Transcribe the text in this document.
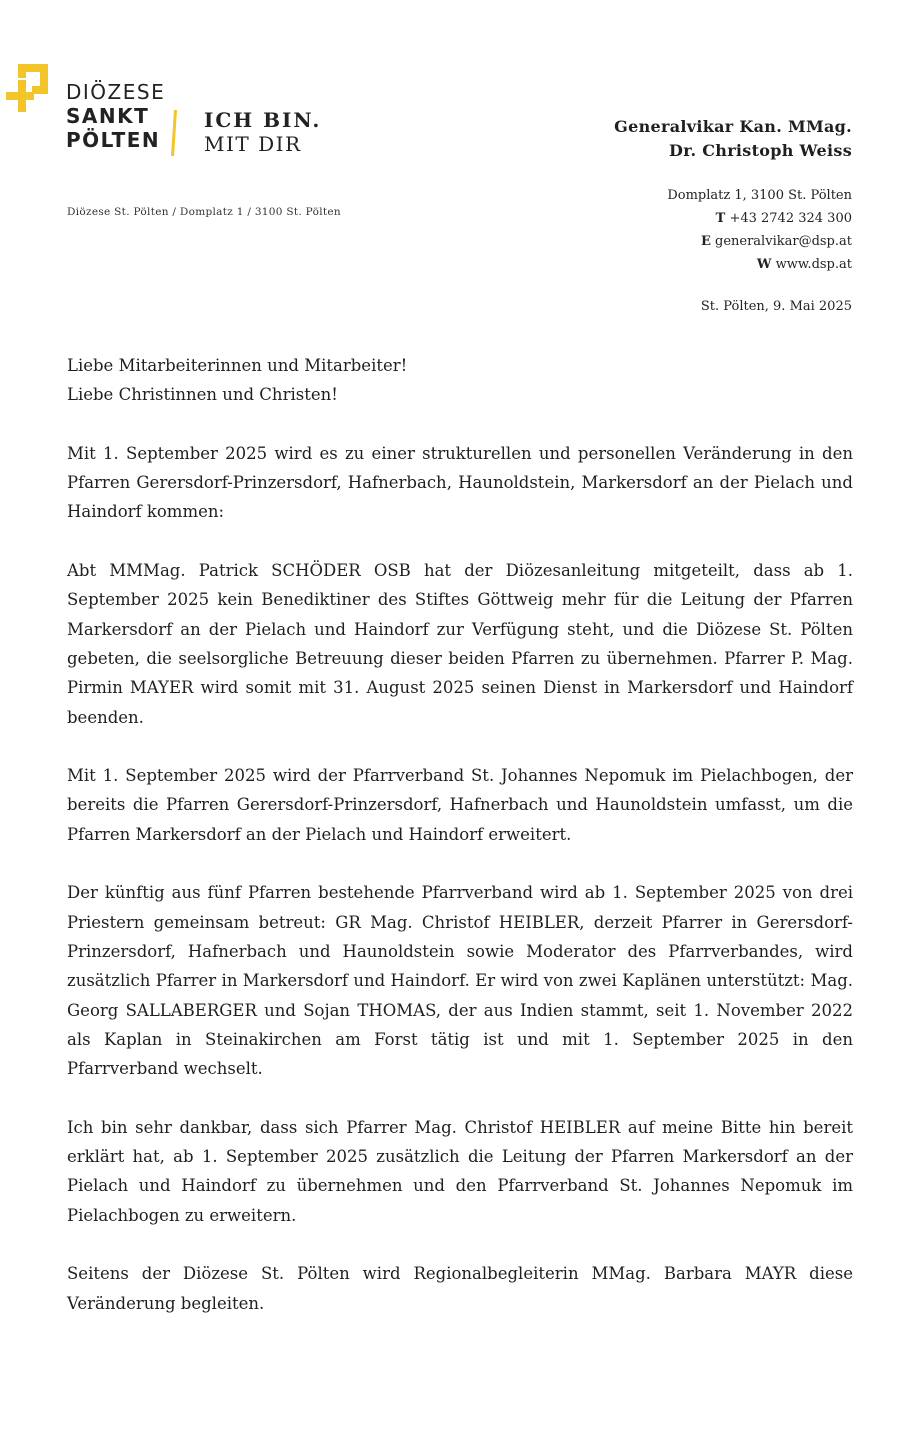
DIÖZESE
SANKT
PÖLTEN
ICH BIN.
MIT DIR
Diözese St. Pölten / Domplatz 1 / 3100 St. Pölten
Generalvikar Kan. MMag.
Dr. Christoph Weiss
Domplatz 1, 3100 St. Pölten
T +43 2742 324 300
E generalvikar@dsp.at
W www.dsp.at
St. Pölten, 9. Mai 2025

Liebe Mitarbeiterinnen und Mitarbeiter!
Liebe Christinnen und Christen!

Mit 1. September 2025 wird es zu einer strukturellen und personellen Veränderung in den Pfarren Gerersdorf-Prinzersdorf, Hafnerbach, Haunoldstein, Markersdorf an der Pielach und Haindorf kommen:

Abt MMMag. Patrick SCHÖDER OSB hat der Diözesanleitung mitgeteilt, dass ab 1. September 2025 kein Benediktiner des Stiftes Göttweig mehr für die Leitung der Pfarren Markersdorf an der Pielach und Haindorf zur Verfügung steht, und die Diözese St. Pölten gebeten, die seelsorgliche Betreuung dieser beiden Pfarren zu übernehmen. Pfarrer P. Mag. Pirmin MAYER wird somit mit 31. August 2025 seinen Dienst in Markersdorf und Haindorf beenden.

Mit 1. September 2025 wird der Pfarrverband St. Johannes Nepomuk im Pielachbogen, der bereits die Pfarren Gerersdorf-Prinzersdorf, Hafnerbach und Haunoldstein umfasst, um die Pfarren Markersdorf an der Pielach und Haindorf erweitert.

Der künftig aus fünf Pfarren bestehende Pfarrverband wird ab 1. September 2025 von drei Priestern gemeinsam betreut: GR Mag. Christof HEIBLER, derzeit Pfarrer in Gerersdorf-Prinzersdorf, Hafnerbach und Haunoldstein sowie Moderator des Pfarrverbandes, wird zusätzlich Pfarrer in Markersdorf und Haindorf. Er wird von zwei Kaplänen unterstützt: Mag. Georg SALLABERGER und Sojan THOMAS, der aus Indien stammt, seit 1. November 2022 als Kaplan in Steinakirchen am Forst tätig ist und mit 1. September 2025 in den Pfarrverband wechselt.

Ich bin sehr dankbar, dass sich Pfarrer Mag. Christof HEIBLER auf meine Bitte hin bereit erklärt hat, ab 1. September 2025 zusätzlich die Leitung der Pfarren Markersdorf an der Pielach und Haindorf zu übernehmen und den Pfarrverband St. Johannes Nepomuk im Pielachbogen zu erweitern.

Seitens der Diözese St. Pölten wird Regionalbegleiterin MMag. Barbara MAYR diese Veränderung begleiten.
